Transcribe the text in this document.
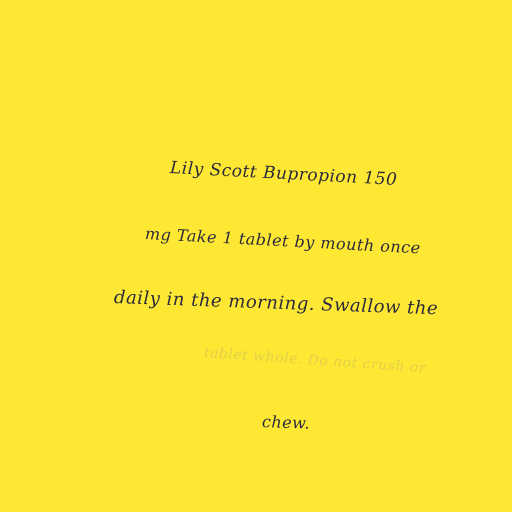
Lily Scott Bupropion 150
mg Take 1 tablet by mouth once
daily in the morning. Swallow the
tablet whole. Do not crush or
chew.
